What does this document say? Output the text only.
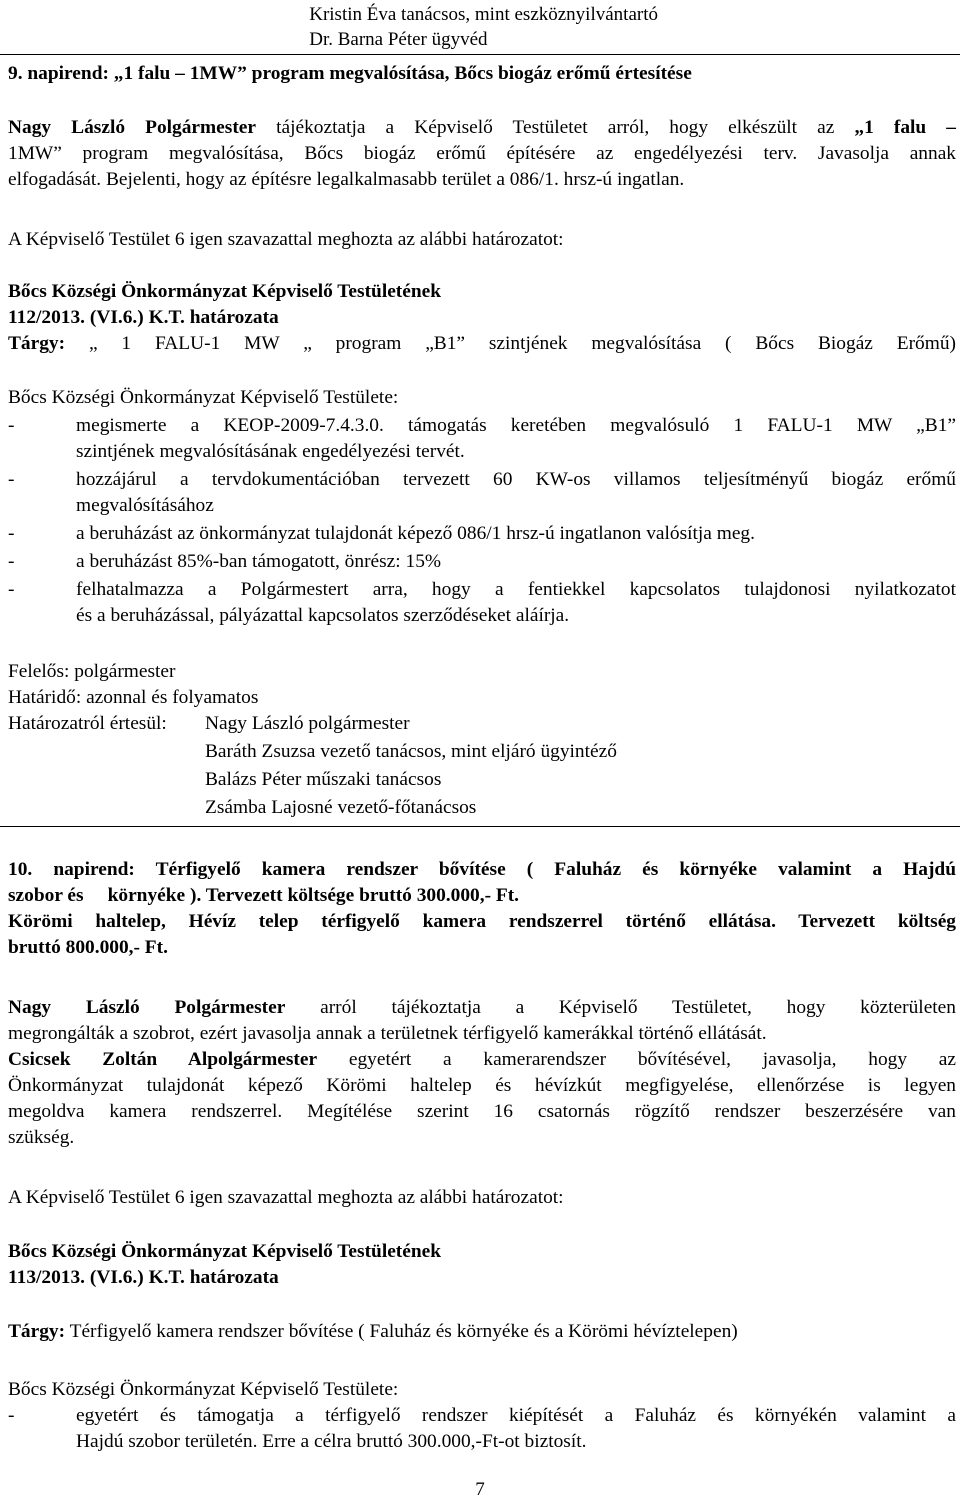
Kristin Éva tanácsos, mint eszköznyilvántartó
Dr. Barna Péter ügyvéd
9. napirend: „1 falu – 1MW” program megvalósítása, Bőcs biogáz erőmű értesítése
Nagy László Polgármester tájékoztatja a Képviselő Testületet arról, hogy elkészült az „1 falu –
1MW” program megvalósítása, Bőcs biogáz erőmű építésére az engedélyezési terv. Javasolja annak
elfogadását. Bejelenti, hogy az építésre legalkalmasabb terület a 086/1. hrsz-ú ingatlan.
A Képviselő Testület 6 igen szavazattal meghozta az alábbi határozatot:
Bőcs Községi Önkormányzat Képviselő Testületének
112/2013. (VI.6.) K.T. határozata
Tárgy: „ 1 FALU-1 MW „ program „B1” szintjének megvalósítása ( Bőcs Biogáz Erőmű)
Bőcs Községi Önkormányzat Képviselő Testülete:
-	megismerte a KEOP-2009-7.4.3.0. támogatás keretében megvalósuló 1 FALU-1 MW „B1”
szintjének megvalósításának engedélyezési tervét.
-	hozzájárul a tervdokumentációban tervezett 60 KW-os villamos teljesítményű biogáz erőmű
megvalósításához
-	a beruházást az önkormányzat tulajdonát képező 086/1 hrsz-ú ingatlanon valósítja meg.
-	a beruházást 85%-ban támogatott, önrész: 15%
-	felhatalmazza a Polgármestert arra, hogy a fentiekkel kapcsolatos tulajdonosi nyilatkozatot
és a beruházással, pályázattal kapcsolatos szerződéseket aláírja.
Felelős: polgármester
Határidő: azonnal és folyamatos
Határozatról értesül: Nagy László polgármester
Baráth Zsuzsa vezető tanácsos, mint eljáró ügyintéző
Balázs Péter műszaki tanácsos
Zsámba Lajosné vezető-főtanácsos
10. napirend: Térfigyelő kamera rendszer bővítése ( Faluház és környéke valamint a Hajdú
szobor és környéke ). Tervezett költsége bruttó 300.000,- Ft.
Körömi haltelep, Hévíz telep térfigyelő kamera rendszerrel történő ellátása. Tervezett költség
bruttó 800.000,- Ft.
Nagy László Polgármester arról tájékoztatja a Képviselő Testületet, hogy közterületen
megrongálták a szobrot, ezért javasolja annak a területnek térfigyelő kamerákkal történő ellátását.
Csicsek Zoltán Alpolgármester egyetért a kamerarendszer bővítésével, javasolja, hogy az
Önkormányzat tulajdonát képező Körömi haltelep és hévízkút megfigyelése, ellenőrzése is legyen
megoldva kamera rendszerrel. Megítélése szerint 16 csatornás rögzítő rendszer beszerzésére van
szükség.
A Képviselő Testület 6 igen szavazattal meghozta az alábbi határozatot:
Bőcs Községi Önkormányzat Képviselő Testületének
113/2013. (VI.6.) K.T. határozata
Tárgy: Térfigyelő kamera rendszer bővítése ( Faluház és környéke és a Körömi hévíztelepen)
Bőcs Községi Önkormányzat Képviselő Testülete:
-	egyetért és támogatja a térfigyelő rendszer kiépítését a Faluház és környékén valamint a
Hajdú szobor területén. Erre a célra bruttó 300.000,-Ft-ot biztosít.
7
